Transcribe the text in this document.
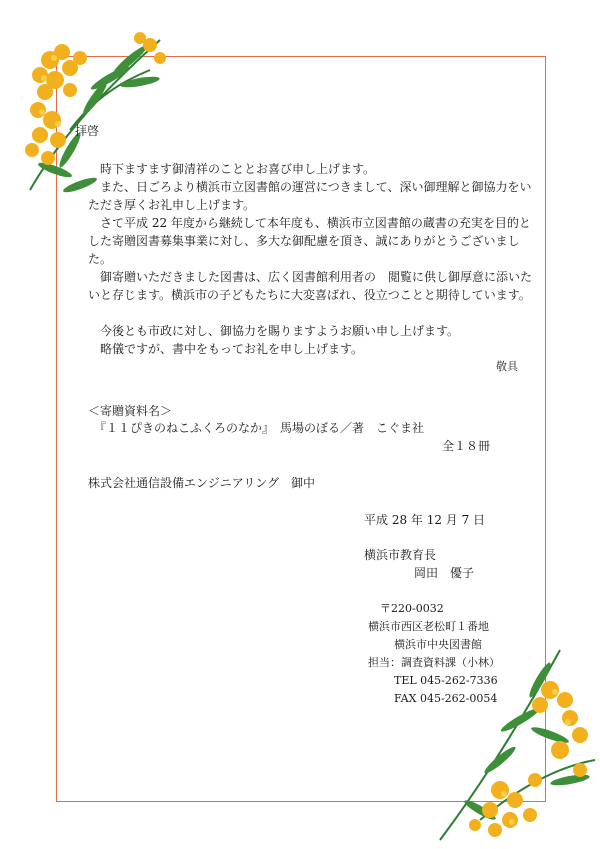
拝啓
時下ますます御清祥のこととお喜び申し上げます。
また、日ごろより横浜市立図書館の運営につきまして、深い御理解と御協力をいただき厚くお礼申し上げます。
さて平成 22 年度から継続して本年度も、横浜市立図書館の蔵書の充実を目的とした寄贈図書募集事業に対し、多大な御配慮を頂き、誠にありがとうございました。
御寄贈いただきました図書は、広く図書館利用者の　閲覧に供し御厚意に添いたいと存じます。横浜市の子どもたちに大変喜ばれ、役立つことと期待しています。
今後とも市政に対し、御協力を賜りますようお願い申し上げます。
略儀ですが、書中をもってお礼を申し上げます。
敬具
＜寄贈資料名＞
『１１ぴきのねこふくろのなか』　馬場のぼる／著　こぐま社
全１８冊
株式会社通信設備エンジニアリング　御中
平成 28 年 12 月 7 日
横浜市教育長
岡田　優子
〒220-0032
横浜市西区老松町１番地
横浜市中央図書館
担当：調査資料課（小林）
TEL 045-262-7336
FAX 045-262-0054
